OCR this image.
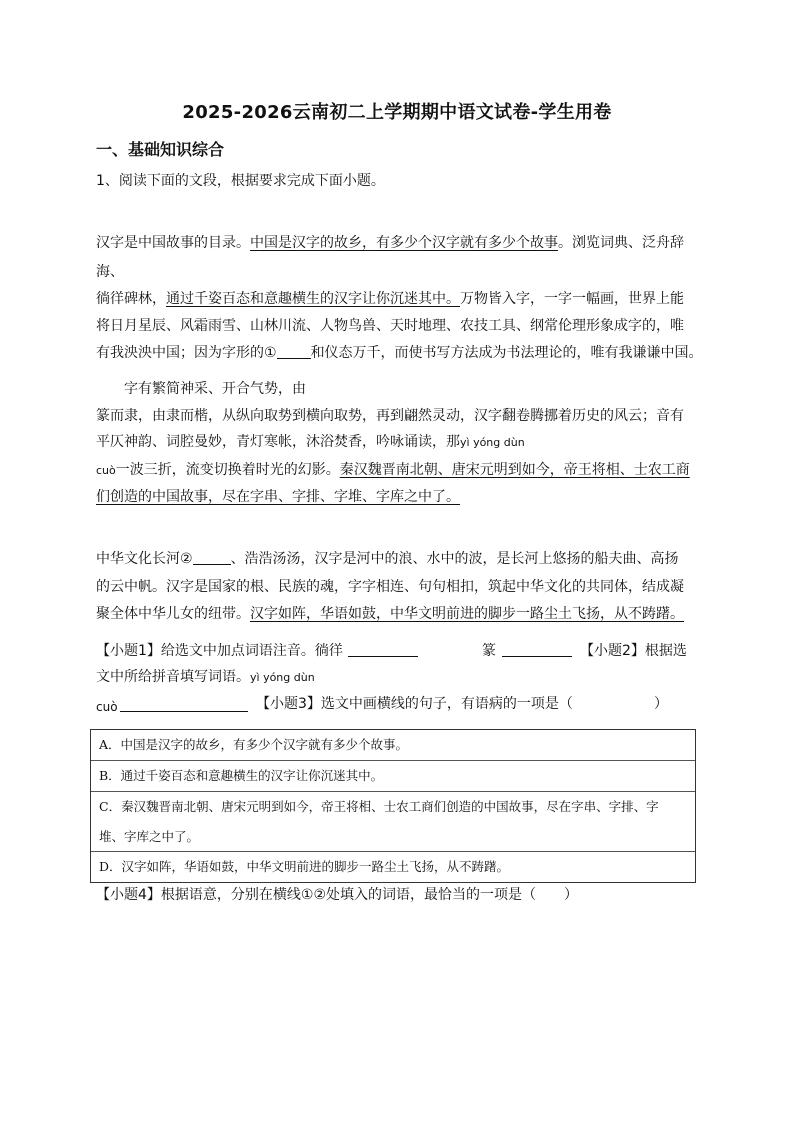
2025-2026云南初二上学期期中语文试卷-学生用卷
一、基础知识综合
1、阅读下面的文段，根据要求完成下面小题。
汉字是中国故事的目录。中国是汉字的故乡，有多少个汉字就有多少个故事。浏览词典、泛舟辞
海、
徜徉碑林，通过千姿百态和意趣横生的汉字让你沉迷其中。万物皆入字，一字一幅画，世界上能
将日月星辰、风霜雨雪、山林川流、人物鸟兽、天时地理、农技工具、纲常伦理形象成字的，唯
有我泱泱中国；因为字形的① 和仪态万千，而使书写方法成为书法理论的，唯有我谦谦中国。
字有繁简神采、开合气势，由
篆而隶，由隶而楷，从纵向取势到横向取势，再到翩然灵动，汉字翻卷腾挪着历史的风云；音有
平仄神韵、词腔曼妙，青灯寒帐，沐浴焚香，吟咏诵读，那yì yóng dùn
cuò一波三折，流变切换着时光的幻影。秦汉魏晋南北朝、唐宋元明到如今，帝王将相、士农工商
们创造的中国故事，尽在字串、字排、字堆、字库之中了。
中华文化长河②	、浩浩汤汤，汉字是河中的浪、水中的波，是长河上悠扬的船夫曲、高扬
的云中帆。汉字是国家的根、民族的魂，字字相连、句句相扣，筑起中华文化的共同体，结成凝
聚全体中华儿女的纽带。汉字如阵，华语如鼓，中华文明前进的脚步一路尘土飞扬，从不踌躇。
【小题1】给选文中加点词语注音。徜徉	篆	【小题2】根据选
文中所给拼音填写词语。yì yóng dùn
cuò	【小题3】选文中画横线的句子，有语病的一项是（	）
A．中国是汉字的故乡，有多少个汉字就有多少个故事。
B．通过千姿百态和意趣横生的汉字让你沉迷其中。
C．秦汉魏晋南北朝、唐宋元明到如今，帝王将相、士农工商们创造的中国故事，尽在字串、字排、字
堆、字库之中了。
D．汉字如阵，华语如鼓，中华文明前进的脚步一路尘土飞扬，从不踌躇。
【小题4】根据语意，分别在横线①②处填入的词语，最恰当的一项是（　　）
